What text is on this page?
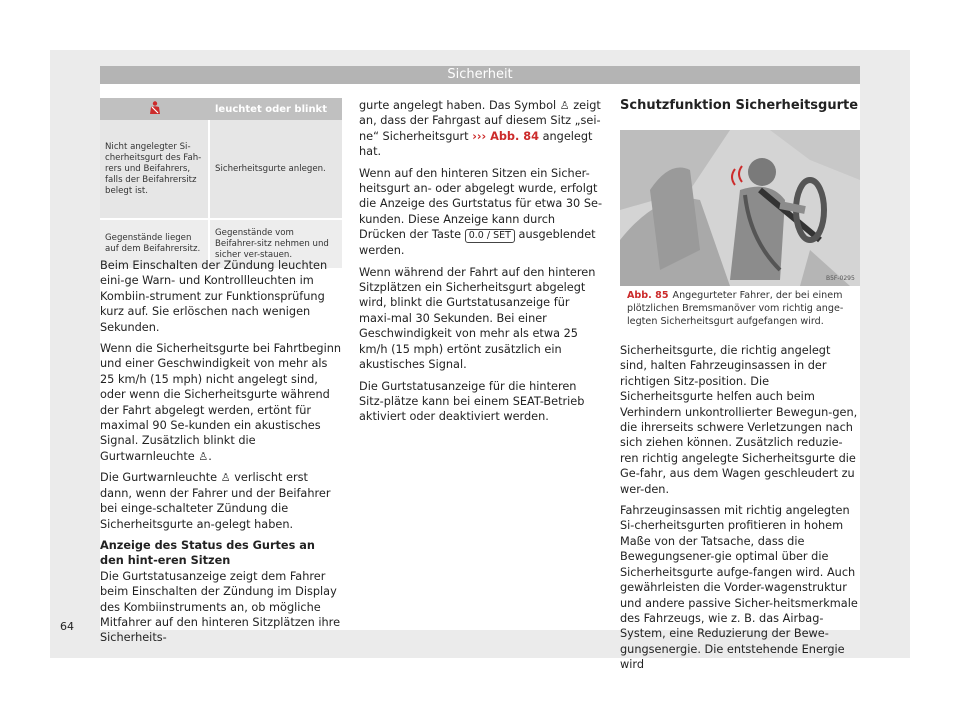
Sicherheit
	leuchtet oder blinkt
Nicht angelegter Si-cherheitsgurt des Fah-rers und Beifahrers, falls der Beifahrersitz belegt ist.	Sicherheitsgurte anlegen.
Gegenstände liegen auf dem Beifahrersitz.	Gegenstände vom Beifahrer-sitz nehmen und sicher ver-stauen.

Beim Einschalten der Zündung leuchten eini-ge Warn- und Kontrollleuchten im Kombiin-strument zur Funktionsprüfung kurz auf. Sie erlöschen nach wenigen Sekunden.

Wenn die Sicherheitsgurte bei Fahrtbeginn und einer Geschwindigkeit von mehr als 25 km/h (15 mph) nicht angelegt sind, oder wenn die Sicherheitsgurte während der Fahrt abgelegt werden, ertönt für maximal 90 Se-kunden ein akustisches Signal. Zusätzlich blinkt die Gurtwarnleuchte ♙.

Die Gurtwarnleuchte ♙ verlischt erst dann, wenn der Fahrer und der Beifahrer bei einge-schalteter Zündung die Sicherheitsgurte an-gelegt haben.

Anzeige des Status des Gurtes an den hint-eren Sitzen

Die Gurtstatusanzeige zeigt dem Fahrer beim Einschalten der Zündung im Display des Kombiinstruments an, ob mögliche Mitfahrer auf den hinteren Sitzplätzen ihre Sicherheits-

gurte angelegt haben. Das Symbol ♙ zeigt an, dass der Fahrgast auf diesem Sitz „sei-ne“ Sicherheitsgurt ››› Abb. 84 angelegt hat.

Wenn auf den hinteren Sitzen ein Sicher-heitsgurt an- oder abgelegt wurde, erfolgt die Anzeige des Gurtstatus für etwa 30 Se-kunden. Diese Anzeige kann durch Drücken der Taste 0.0 / SET ausgeblendet werden.

Wenn während der Fahrt auf den hinteren Sitzplätzen ein Sicherheitsgurt abgelegt wird, blinkt die Gurtstatusanzeige für maxi-mal 30 Sekunden. Bei einer Geschwindigkeit von mehr als etwa 25 km/h (15 mph) ertönt zusätzlich ein akustisches Signal.

Die Gurtstatusanzeige für die hinteren Sitz-plätze kann bei einem SEAT-Betrieb aktiviert oder deaktiviert werden.

Schutzfunktion Sicherheitsgurte

B5F-0295
Abb. 85 Angegurteter Fahrer, der bei einem plötzlichen Bremsmanöver vom richtig ange-legten Sicherheitsgurt aufgefangen wird.

Sicherheitsgurte, die richtig angelegt sind, halten Fahrzeuginsassen in der richtigen Sitz-position. Die Sicherheitsgurte helfen auch beim Verhindern unkontrollierter Bewegun-gen, die ihrerseits schwere Verletzungen nach sich ziehen können. Zusätzlich reduzie-ren richtig angelegte Sicherheitsgurte die Ge-fahr, aus dem Wagen geschleudert zu wer-den.

Fahrzeuginsassen mit richtig angelegten Si-cherheitsgurten profitieren in hohem Maße von der Tatsache, dass die Bewegungsener-gie optimal über die Sicherheitsgurte aufge-fangen wird. Auch gewährleisten die Vorder-wagenstruktur und andere passive Sicher-heitsmerkmale des Fahrzeugs, wie z. B. das Airbag-System, eine Reduzierung der Bewe-gungsenergie. Die entstehende Energie wird

64
